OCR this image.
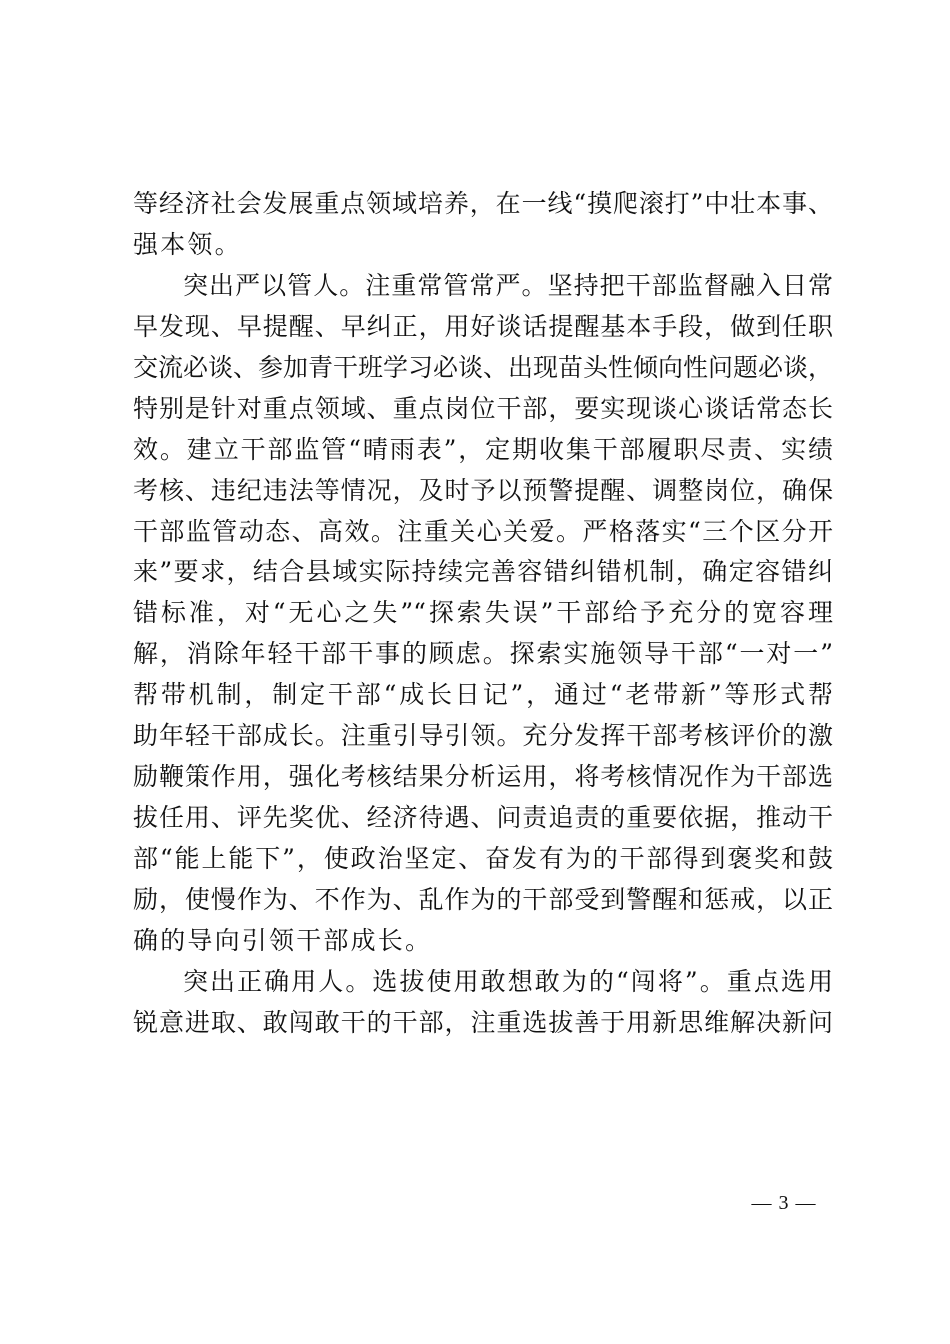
等经济社会发展重点领域培养，在一线“摸爬滚打”中壮本事、
强本领。
突出严以管人。注重常管常严。坚持把干部监督融入日常
早发现、早提醒、早纠正，用好谈话提醒基本手段，做到任职
交流必谈、参加青干班学习必谈、出现苗头性倾向性问题必谈，
特别是针对重点领域、重点岗位干部，要实现谈心谈话常态长
效。建立干部监管“晴雨表”，定期收集干部履职尽责、实绩
考核、违纪违法等情况，及时予以预警提醒、调整岗位，确保
干部监管动态、高效。注重关心关爱。严格落实“三个区分开
来”要求，结合县域实际持续完善容错纠错机制，确定容错纠
错标准，对“无心之失”“探索失误”干部给予充分的宽容理
解，消除年轻干部干事的顾虑。探索实施领导干部“一对一”
帮带机制，制定干部“成长日记”，通过“老带新”等形式帮
助年轻干部成长。注重引导引领。充分发挥干部考核评价的激
励鞭策作用，强化考核结果分析运用，将考核情况作为干部选
拔任用、评先奖优、经济待遇、问责追责的重要依据，推动干
部“能上能下”，使政治坚定、奋发有为的干部得到褒奖和鼓
励，使慢作为、不作为、乱作为的干部受到警醒和惩戒，以正
确的导向引领干部成长。
突出正确用人。选拔使用敢想敢为的“闯将”。重点选用
锐意进取、敢闯敢干的干部，注重选拔善于用新思维解决新问
— 3 —
